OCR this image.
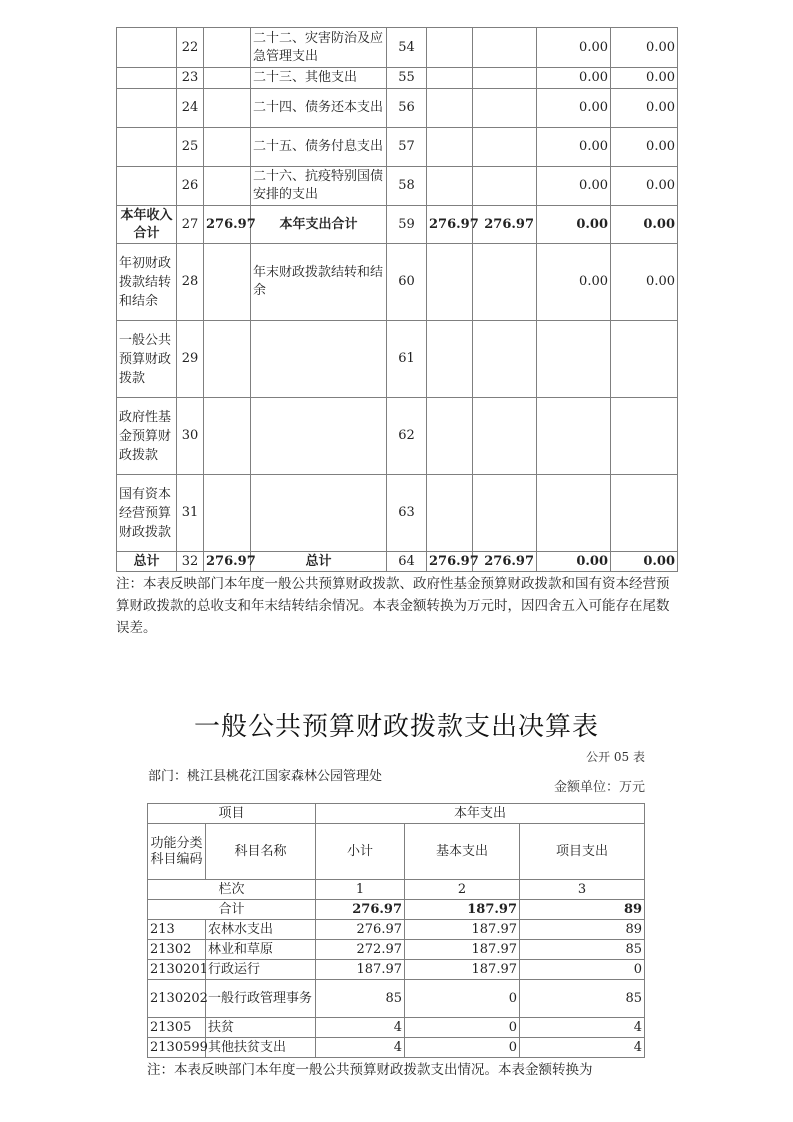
	22		二十二、灾害防治及应急管理支出	54			0.00	0.00
	23		二十三、其他支出	55			0.00	0.00
	24		二十四、债务还本支出	56			0.00	0.00
	25		二十五、债务付息支出	57			0.00	0.00
	26		二十六、抗疫特别国债安排的支出	58			0.00	0.00
本年收入合计	27	276.97	本年支出合计	59	276.97	276.97	0.00	0.00
年初财政拨款结转和结余	28		年末财政拨款结转和结余	60			0.00	0.00
一般公共预算财政拨款	29			61				
政府性基金预算财政拨款	30			62				
国有资本经营预算财政拨款	31			63				
总计	32	276.97	总计	64	276.97	276.97	0.00	0.00
注：本表反映部门本年度一般公共预算财政拨款、政府性基金预算财政拨款和国有资本经营预算财政拨款的总收支和年末结转结余情况。本表金额转换为万元时，因四舍五入可能存在尾数误差。
一般公共预算财政拨款支出决算表
公开 05 表
部门：桃江县桃花江国家森林公园管理处
金额单位：万元
项目		本年支出		
功能分类科目编码	科目名称	小计	基本支出	项目支出
栏次		1	2	3
合计		276.97	187.97	89
213	农林水支出	276.97	187.97	89
21302	林业和草原	272.97	187.97	85
2130201	行政运行	187.97	187.97	0
2130202	一般行政管理事务	85	0	85
21305	扶贫	4	0	4
2130599	其他扶贫支出	4	0	4
注：本表反映部门本年度一般公共预算财政拨款支出情况。本表金额转换为
